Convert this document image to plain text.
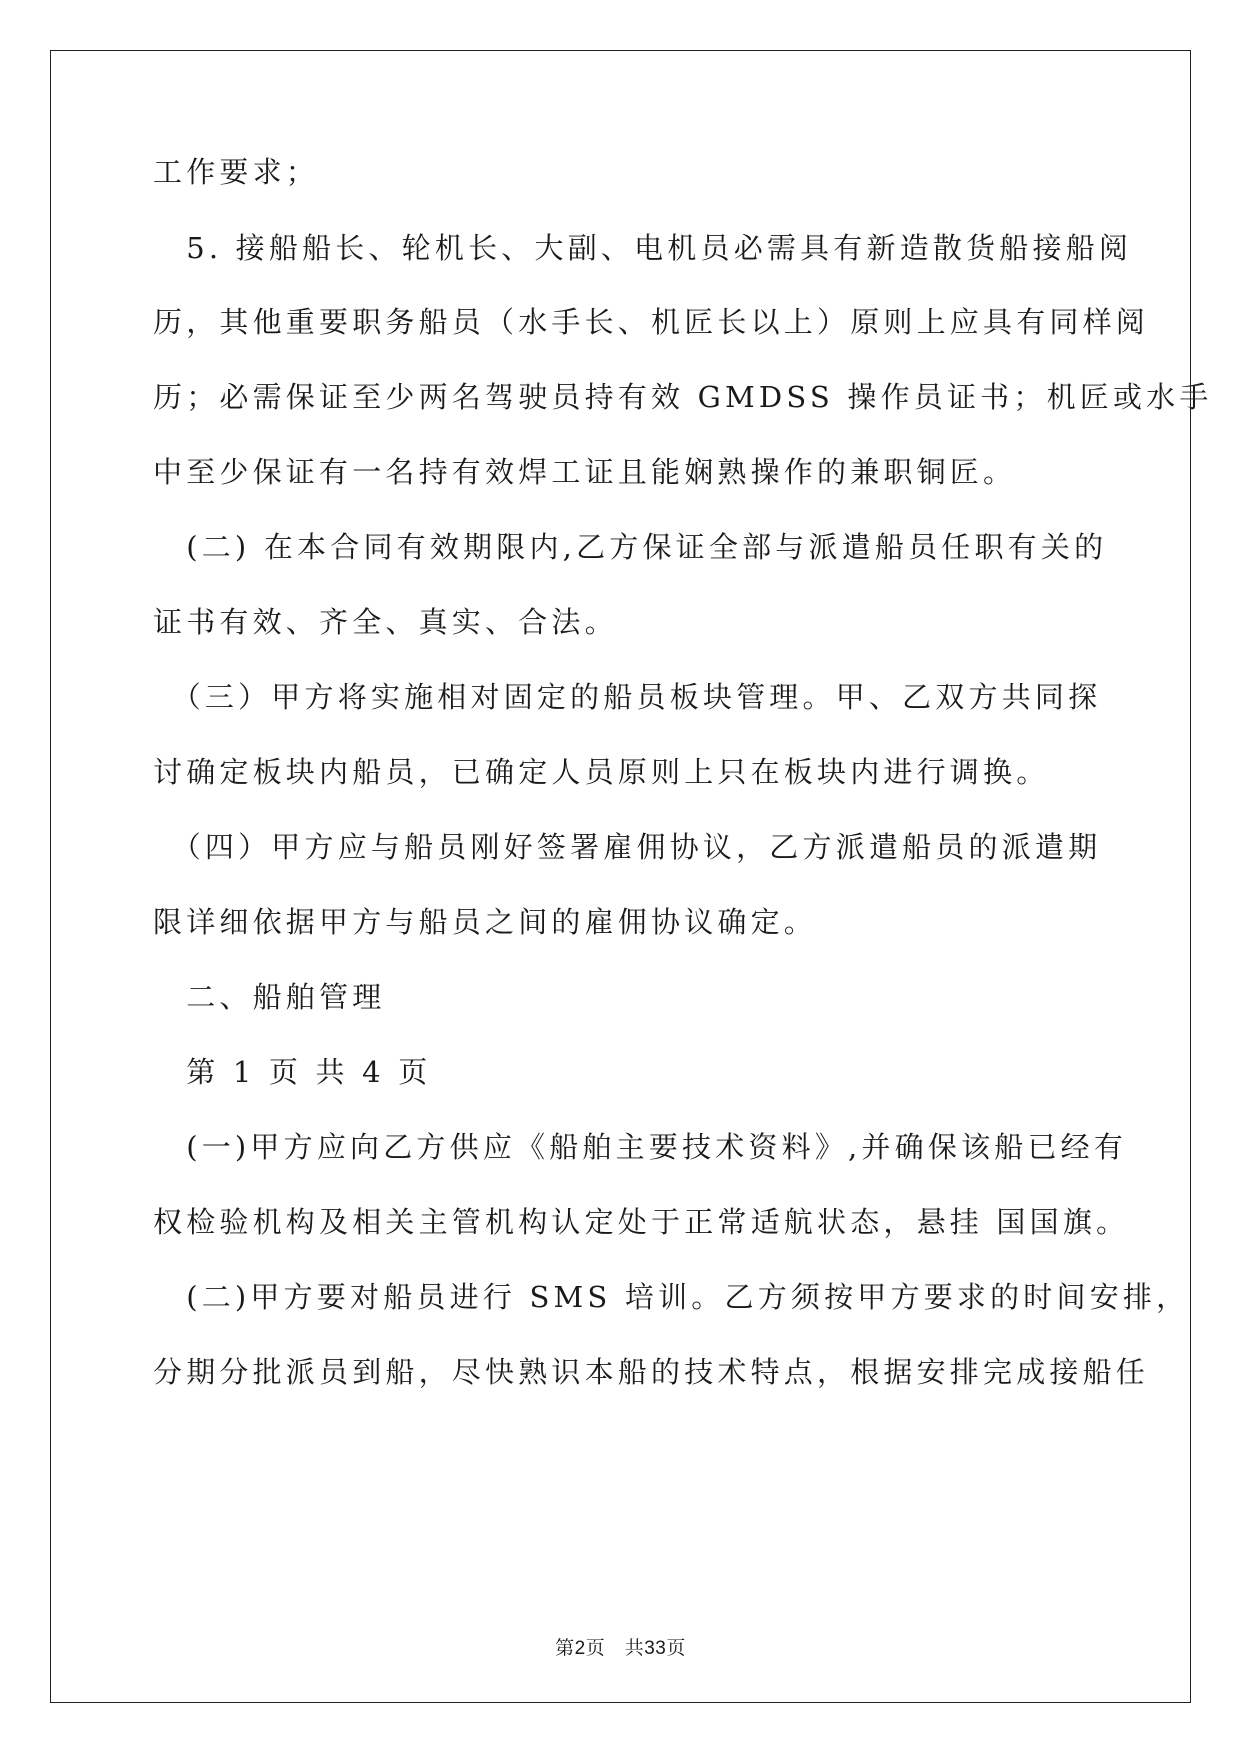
工作要求；
　5. 接船船长、轮机长、大副、电机员必需具有新造散货船接船阅
历，其他重要职务船员（水手长、机匠长以上）原则上应具有同样阅
历；必需保证至少两名驾驶员持有效 GMDSS 操作员证书；机匠或水手
中至少保证有一名持有效焊工证且能娴熟操作的兼职铜匠。
　(二) 在本合同有效期限内,乙方保证全部与派遣船员任职有关的
证书有效、齐全、真实、合法。
　（三）甲方将实施相对固定的船员板块管理。甲、乙双方共同探
讨确定板块内船员，已确定人员原则上只在板块内进行调换。
　（四）甲方应与船员刚好签署雇佣协议，乙方派遣船员的派遣期
限详细依据甲方与船员之间的雇佣协议确定。
　二、船舶管理
　第 1 页 共 4 页
　(一)甲方应向乙方供应《船舶主要技术资料》,并确保该船已经有
权检验机构及相关主管机构认定处于正常适航状态，悬挂 国国旗。
　(二)甲方要对船员进行 SMS 培训。乙方须按甲方要求的时间安排，
分期分批派员到船，尽快熟识本船的技术特点，根据安排完成接船任
第2页　共33页
